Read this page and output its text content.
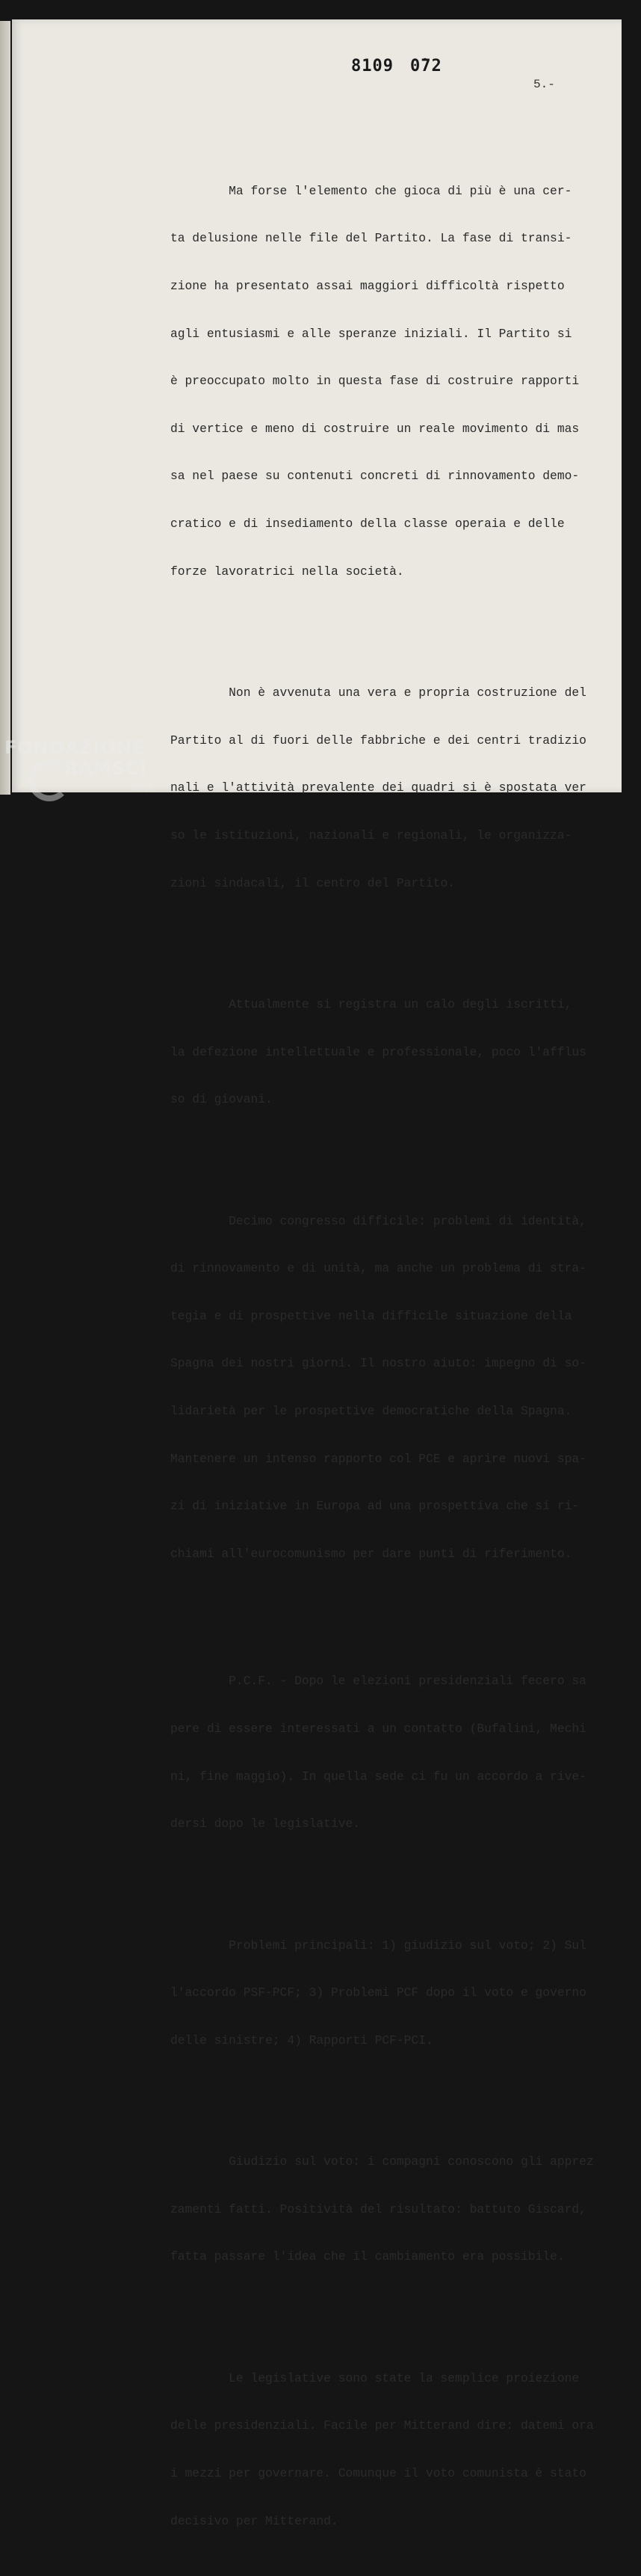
8109 0̇72
5.-

Ma forse l'elemento che gioca di più è una cer-

ta delusione nelle file del Partito. La fase di transi-

zione ha presentato assai maggiori difficoltà rispetto

agli entusiasmi e alle speranze iniziali. Il Partito si

è preoccupato molto in questa fase di costruire rapporti

di vertice e meno di costruire un reale movimento di mas

sa nel paese su contenuti concreti di rinnovamento demo-

cratico e di insediamento della classe operaia e delle

forze lavoratrici nella società.

Non è avvenuta una vera e propria costruzione del

Partito al di fuori delle fabbriche e dei centri tradizio

nali e l'attività prevalente dei quadri si è spostata ver

so le istituzioni, nazionali e regionali, le organizza-

zioni sindacali, il centro del Partito.

Attualmente si registra un calo degli iscritti,

la defezione intellettuale e professionale, poco l'afflus

so di giovani.

Decimo congresso difficile: problemi di identità,

di rinnovamento e di unità, ma anche un problema di stra-

tegia e di prospettive nella difficile situazione della

Spagna dei nostri giorni. Il nostro aiuto: impegno di so-

lidarietà per le prospettive democratiche della Spagna.

Mantenere un intenso rapporto col PCE e aprire nuovi spa-

zi di iniziative in Europa ad una prospettiva che si ri-

chiami all'eurocomunismo per dare punti di riferimento.

P.C.F. - Dopo le elezioni presidenziali fecero sa

pere di essere interessati a un contatto (Bufalini, Mechi

ni, fine maggio). In quella sede ci fu un accordo a rive-

dersi dopo le legislative.

Problemi principali: 1) giudizio sul voto; 2) Sul

l'accordo PSF-PCF; 3) Problemi PCF dopo il voto e governo

delle sinistre; 4) Rapporti PCF-PCI.

Giudizio sul voto: i compagni conoscono gli apprez

zamenti fatti. Positività del risultato: battuto Giscard,

fatta passare l'idea che il cambiamento era possibile.

Le legislative sono state la semplice proiezione

delle presidenziali. Facile per Mitterand dire: datemi ora

i mezzi per governare. Comunque il voto comunista è stato

decisivo per Mitterand.

FONDAZIONE
RAMSCI
onlus
